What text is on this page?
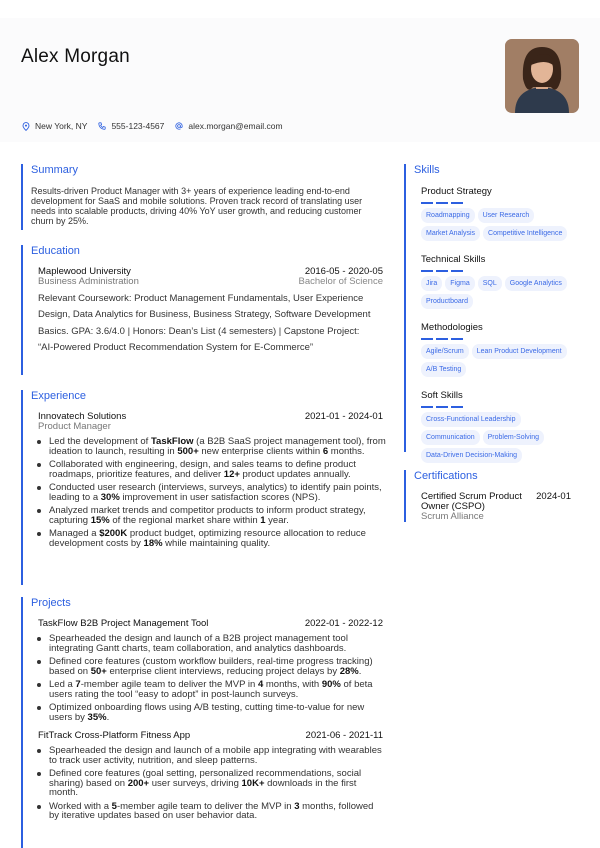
Alex Morgan
New York, NY	555-123-4567	alex.morgan@email.com
Summary
Results-driven Product Manager with 3+ years of experience leading end-to-end development for SaaS and mobile solutions. Proven track record of translating user needs into scalable products, driving 40% YoY user growth, and reducing customer churn by 25%.
Education
Maplewood University	2016-05 - 2020-05
Business Administration	Bachelor of Science
Relevant Coursework: Product Management Fundamentals, User Experience Design, Data Analytics for Business, Business Strategy, Software Development Basics. GPA: 3.6/4.0 | Honors: Dean’s List (4 semesters) | Capstone Project: “AI-Powered Product Recommendation System for E-Commerce”
Experience
Innovatech Solutions	2021-01 - 2024-01
Product Manager
Led the development of TaskFlow (a B2B SaaS project management tool), from ideation to launch, resulting in 500+ new enterprise clients within 6 months.
Collaborated with engineering, design, and sales teams to define product roadmaps, prioritize features, and deliver 12+ product updates annually.
Conducted user research (interviews, surveys, analytics) to identify pain points, leading to a 30% improvement in user satisfaction scores (NPS).
Analyzed market trends and competitor products to inform product strategy, capturing 15% of the regional market share within 1 year.
Managed a $200K product budget, optimizing resource allocation to reduce development costs by 18% while maintaining quality.
Projects
TaskFlow B2B Project Management Tool	2022-01 - 2022-12
Spearheaded the design and launch of a B2B project management tool integrating Gantt charts, team collaboration, and analytics dashboards.
Defined core features (custom workflow builders, real-time progress tracking) based on 50+ enterprise client interviews, reducing project delays by 28%.
Led a 7-member agile team to deliver the MVP in 4 months, with 90% of beta users rating the tool “easy to adopt” in post-launch surveys.
Optimized onboarding flows using A/B testing, cutting time-to-value for new users by 35%.
FitTrack Cross-Platform Fitness App	2021-06 - 2021-11
Spearheaded the design and launch of a mobile app integrating with wearables to track user activity, nutrition, and sleep patterns.
Defined core features (goal setting, personalized recommendations, social sharing) based on 200+ user surveys, driving 10K+ downloads in the first month.
Worked with a 5-member agile team to deliver the MVP in 3 months, followed by iterative updates based on user behavior data.
Skills
Product Strategy
Roadmapping	User Research
Market Analysis	Competitive Intelligence
Technical Skills
Jira	Figma	SQL	Google Analytics
Productboard
Methodologies
Agile/Scrum	Lean Product Development
A/B Testing
Soft Skills
Cross-Functional Leadership
Communication	Problem-Solving
Data-Driven Decision-Making
Certifications
Certified Scrum Product Owner (CSPO)
2024-01
Scrum Alliance
